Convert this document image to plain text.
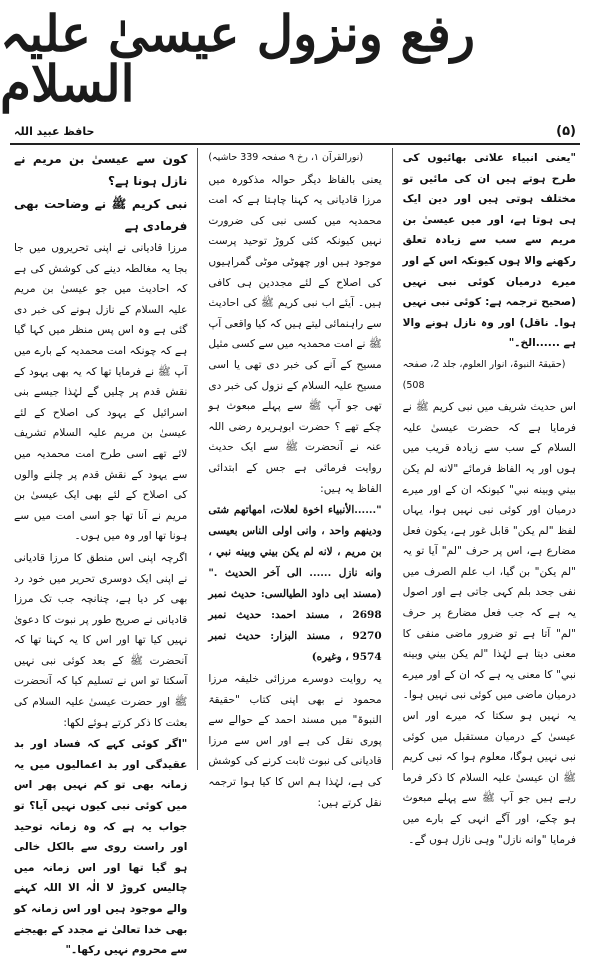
رفع ونزول عیسیٰ علیہ السلام
(۵)
حافظ عبید اللہ

کون سے عیسیٰ بن مریم نے نازل ہونا ہے؟

نبی کریم ﷺ نے وضاحت بھی فرمادی ہے

مرزا قادیانی نے اپنی تحریروں میں جا بجا یہ مغالطہ دینے کی کوشش کی ہے کہ احادیث میں جو عیسیٰ بن مریم علیہ السلام کے نازل ہونے کی خبر دی گئی ہے وہ اس پس منظر میں کہا گیا ہے کہ چونکہ امت محمدیہ کے بارے میں آپ ﷺ نے فرمایا تھا کہ یہ بھی یہود کے نقش قدم پر چلیں گے لہٰذا جیسے بنی اسرائیل کے یہود کی اصلاح کے لئے عیسیٰ بن مریم علیہ السلام تشریف لائے تھے اسی طرح امت محمدیہ میں سے یہود کے نقش قدم پر چلنے والوں کی اصلاح کے لئے بھی ایک عیسیٰ بن مریم نے آنا تھا جو اسی امت میں سے ہونا تھا اور وہ میں ہوں۔

اگرچہ اپنی اس منطق کا مرزا قادیانی نے اپنی ایک دوسری تحریر میں خود رد بھی کر دیا ہے، چنانچہ جب تک مرزا قادیانی نے صریح طور پر نبوت کا دعویٰ نہیں کیا تھا اور اس کا یہ کہنا تھا کہ آنحضرت ﷺ کے بعد کوئی نبی نہیں آسکتا تو اس نے تسلیم کیا کہ آنحضرت ﷺ اور حضرت عیسیٰ علیہ السلام کی بعثت کا ذکر کرتے ہوئے لکھا:

"اگر کوئی کہے کہ فساد اور بد عقیدگی اور بد اعمالیوں میں یہ زمانہ بھی تو کم نہیں پھر اس میں کوئی نبی کیوں نہیں آیا؟ تو جواب یہ ہے کہ وہ زمانہ توحید اور راست روی سے بالکل خالی ہو گیا تھا اور اس زمانہ میں چالیس کروڑ لا الٰہ الا اللہ کہنے والے موجود ہیں اور اس زمانہ کو بھی خدا تعالیٰ نے مجدد کے بھیجنے سے محروم نہیں رکھا۔"

(نورالقرآن ۱، رخ ۹ صفحہ 339 حاشیہ)

یعنی بالفاظ دیگر حوالہ مذکورہ میں مرزا قادیانی یہ کہنا چاہتا ہے کہ امت محمدیہ میں کسی نبی کی ضرورت نہیں کیونکہ کئی کروڑ توحید پرست موجود ہیں اور چھوٹی موٹی گمراہیوں کی اصلاح کے لئے مجددین ہی کافی ہیں۔ آیئے اب نبی کریم ﷺ کی احادیث سے راہنمائی لیتے ہیں کہ کیا واقعی آپ ﷺ نے امت محمدیہ میں سے کسی مثیل مسیح کے آنے کی خبر دی تھی یا اسی مسیح علیہ السلام کے نزول کی خبر دی تھی جو آپ ﷺ سے پہلے مبعوث ہو چکے تھے ؟ حضرت ابوہریرہ رضی اللہ عنہ نے آنحضرت ﷺ سے ایک حدیث روایت فرمائی ہے جس کے ابتدائی الفاظ یہ ہیں:

"......الأنبياء اخوة لعلات، امهاتهم شتى ودينهم واحد ، وانى اولى الناس بعيسى بن مريم ، لانه لم يكن بيني وبينه نبي ، وانه نازل ...... الى آخر الحديث ." (مسند ابى داود الطيالسى: حديث نمبر 2698 ، مسند احمد: حديث نمبر 9270 ، مسند البزار: حديث نمبر 9574 ، وغيره)

یہ روایت دوسرے مرزائی خلیفہ مرزا محمود نے بھی اپنی کتاب "حقیقۃ النبوۃ" میں مسند احمد کے حوالے سے پوری نقل کی ہے اور اس سے مرزا قادیانی کی نبوت ثابت کرنے کی کوشش کی ہے، لہٰذا ہم اس کا کیا ہوا ترجمہ نقل کرتے ہیں:

"یعنی انبیاء علاتی بھائیوں کی طرح ہوتے ہیں ان کی مائیں تو مختلف ہوتی ہیں اور دین ایک ہی ہوتا ہے، اور میں عیسیٰ بن مریم سے سب سے زیادہ تعلق رکھنے والا ہوں کیونکہ اس کے اور میرے درمیان کوئی نبی نہیں (صحیح ترجمہ ہے: کوئی نبی نہیں ہوا۔ ناقل) اور وہ نازل ہونے والا ہے ......الخ۔"

(حقیقۃ النبوۃ، انوار العلوم، جلد 2، صفحہ 508)

اس حدیث شریف میں نبی کریم ﷺ نے فرمایا ہے کہ حضرت عیسیٰ علیہ السلام کے سب سے زیادہ قریب میں ہوں اور یہ الفاظ فرمائے "لانه لم يكن بيني وبينه نبي" کیونکہ ان کے اور میرے درمیان اور کوئی نبی نہیں ہوا، یہاں لفظ "لم یکن" قابل غور ہے، یکون فعل مضارع ہے، اس پر حرف "لم" آیا تو یہ "لم یکن" بن گیا، اب علم الصرف میں نفی جحد بلم کہی جاتی ہے اور اصول یہ ہے کہ جب فعل مضارع پر حرف "لم" آتا ہے تو ضرور ماضی منفی کا معنی دیتا ہے لہٰذا "لم يكن بيني وبينه نبي" کا معنی یہ ہے کہ ان کے اور میرے درمیان ماضی میں کوئی نبی نہیں ہوا۔ یہ نہیں ہو سکتا کہ میرے اور اس عیسیٰ کے درمیان مستقبل میں کوئی نبی نہیں ہوگا، معلوم ہوا کہ نبی کریم ﷺ ان عیسیٰ علیہ السلام کا ذکر فرما رہے ہیں جو آپ ﷺ سے پہلے مبعوث ہو چکے، اور آگے انہی کے بارے میں فرمایا "وانه نازل" وہی نازل ہوں گے۔
